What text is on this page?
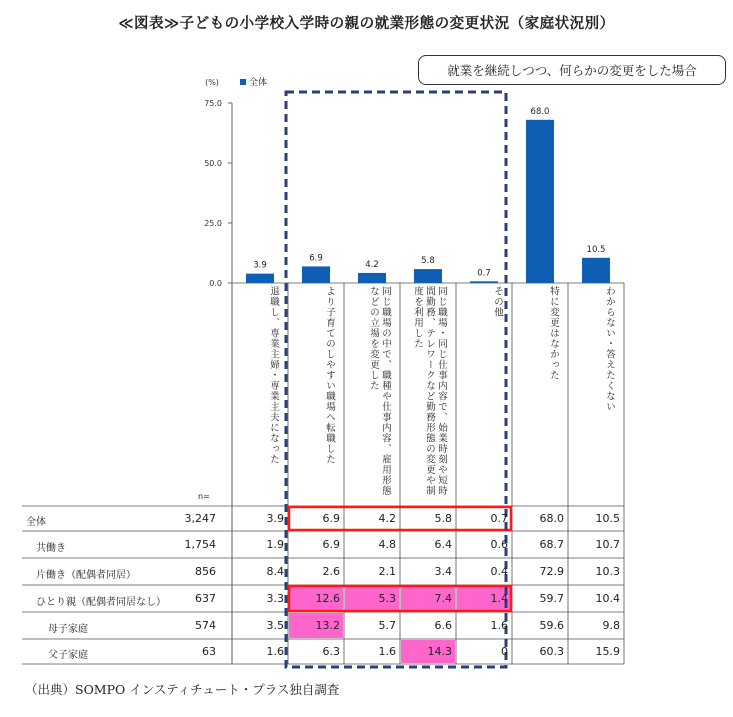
≪図表≫子どもの小学校入学時の親の就業形態の変更状況（家庭状況別）
就業を継続しつつ、何らかの変更をした場合
(%)
75.0
50.0
25.0
0.0
全体
3.9
6.9
4.2	5.8
0.7
68.0
10.5
退職し、専業主婦・専業主夫になった	より子育てのしやすい職場へ転職した	同じ職場の中で、職種や仕事内容、雇用形態などの立場を変更した	同じ職場・同じ仕事内容で、始業時刻や短時間勤務、テレワークなど勤務形態の変更や制度を利用した	その他	特に変更はなかった	わからない・答えたくない
n=
全体	3,247	3.9	6.9	4.2	5.8	0.7	68.0	10.5
共働き	1,754	1.9	6.9	4.8	6.4	0.6	68.7	10.7
片働き（配偶者同居）	856	8.4	2.6	2.1	3.4	0.4	72.9	10.3
ひとり親（配偶者同居なし）	637	3.3	12.6	5.3	7.4	1.4	59.7	10.4
母子家庭	574	3.5	13.2	5.7	6.6	1.6	59.6	9.8
父子家庭	63	1.6	6.3	1.6	14.3	0	60.3	15.9
（出典）SOMPO インスティチュート・プラス独自調査
